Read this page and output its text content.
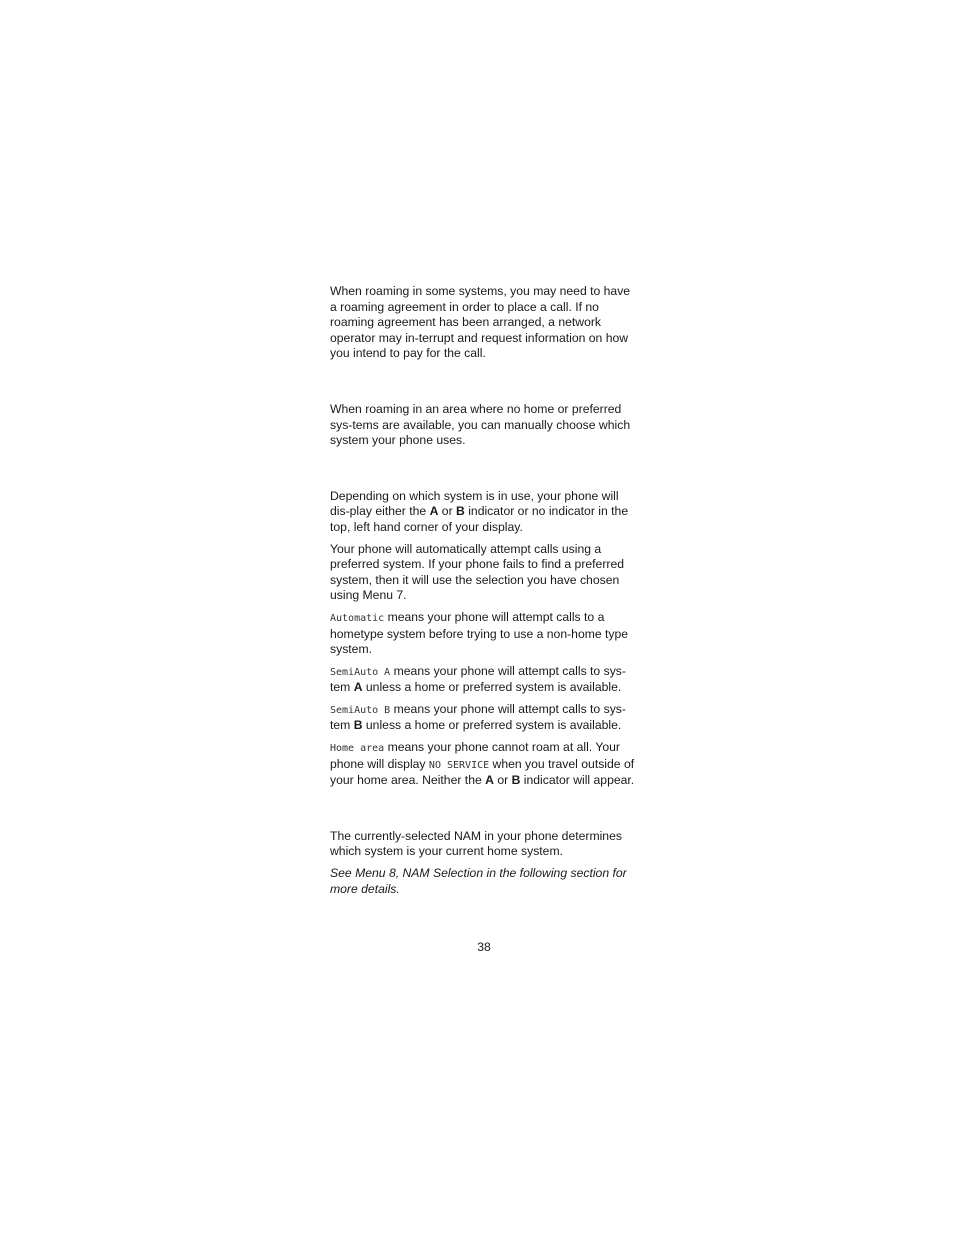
When roaming in some systems, you may need to have a roaming agreement in order to place a call. If no roaming agreement has been arranged, a network operator may in-terrupt and request information on how you intend to pay for the call.

When roaming in an area where no home or preferred sys-tems are available, you can manually choose which system your phone uses.

Depending on which system is in use, your phone will dis-play either the A or B indicator or no indicator in the top, left hand corner of your display.

Your phone will automatically attempt calls using a preferred system. If your phone fails to find a preferred system, then it will use the selection you have chosen using Menu 7.

Automatic means your phone will attempt calls to a hometype system before trying to use a non-home type system.

SemiAuto A means your phone will attempt calls to sys-tem A unless a home or preferred system is available.

SemiAuto B means your phone will attempt calls to sys-tem B unless a home or preferred system is available.

Home area means your phone cannot roam at all. Your phone will display NO SERVICE when you travel outside of your home area. Neither the A or B indicator will appear.

The currently-selected NAM in your phone determines which system is your current home system.

See Menu 8, NAM Selection in the following section for more details.

38
